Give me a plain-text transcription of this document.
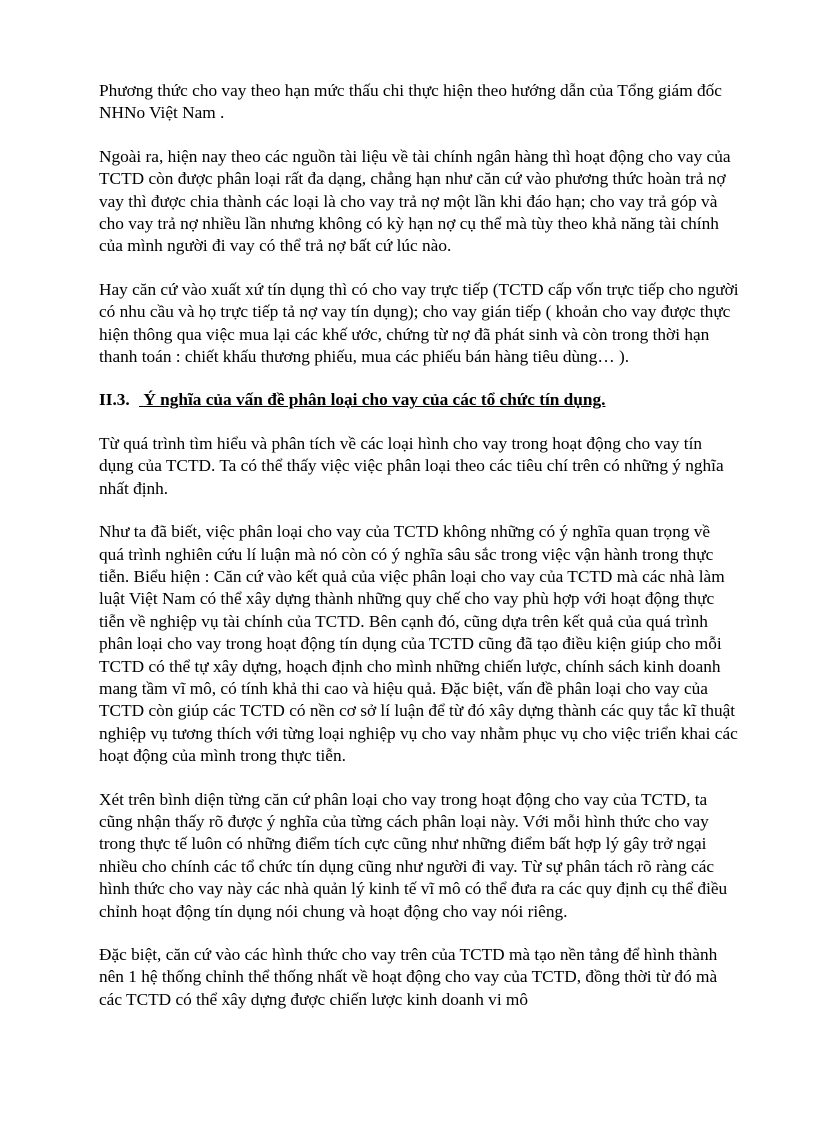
Phương thức cho vay theo hạn mức thấu chi thực hiện theo hướng dẫn của Tổng giám đốc NHNo Việt Nam .

Ngoài ra, hiện nay theo các nguồn tài liệu về tài chính ngân hàng thì hoạt động cho vay của TCTD còn được phân loại rất đa dạng, chẳng hạn như căn cứ vào phương thức hoàn trả nợ vay thì được chia thành các loại là cho vay trả nợ một lần khi đáo hạn; cho vay trả góp và cho vay trả nợ nhiều lần nhưng không có kỳ hạn nợ cụ thể mà tùy theo khả năng tài chính của mình người đi vay có thể trả nợ bất cứ lúc nào.

Hay căn cứ vào xuất xứ tín dụng thì có cho vay trực tiếp (TCTD cấp vốn trực tiếp cho người có nhu cầu và họ trực tiếp tả nợ vay tín dụng); cho vay gián tiếp ( khoản cho vay được thực hiện thông qua việc mua lại các khế ước, chứng từ nợ đã phát sinh và còn trong thời hạn thanh toán : chiết khấu thương phiếu, mua các phiếu bán hàng tiêu dùng… ).

II.3. Ý nghĩa của vấn đề phân loại cho vay của các tổ chức tín dụng.

Từ quá trình tìm hiểu và phân tích về các loại hình cho vay trong hoạt động cho vay tín dụng của TCTD. Ta có thể thấy việc việc phân loại theo các tiêu chí trên có những ý nghĩa nhất định.

Như ta đã biết, việc phân loại cho vay của TCTD không những có ý nghĩa quan trọng về quá trình nghiên cứu lí luận mà nó còn có ý nghĩa sâu sắc trong việc vận hành trong thực tiễn. Biểu hiện : Căn cứ vào kết quả của việc phân loại cho vay của TCTD mà các nhà làm luật Việt Nam có thể xây dựng thành những quy chế cho vay phù hợp với hoạt động thực tiễn về nghiệp vụ tài chính của TCTD. Bên cạnh đó, cũng dựa trên kết quả của quá trình phân loại cho vay trong hoạt động tín dụng của TCTD cũng đã tạo điều kiện giúp cho mỗi TCTD có thể tự xây dựng, hoạch định cho mình những chiến lược, chính sách kinh doanh mang tầm vĩ mô, có tính khả thi cao và hiệu quả. Đặc biệt, vấn đề phân loại cho vay của TCTD còn giúp các TCTD có nền cơ sở lí luận để từ đó xây dựng thành các quy tắc kĩ thuật nghiệp vụ tương thích với từng loại nghiệp vụ cho vay nhằm phục vụ cho việc triển khai các hoạt động của mình trong thực tiễn.

Xét trên bình diện từng căn cứ phân loại cho vay trong hoạt động cho vay của TCTD, ta cũng nhận thấy rõ được ý nghĩa của từng cách phân loại này. Với mỗi hình thức cho vay trong thực tế luôn có những điểm tích cực cũng như những điểm bất hợp lý gây trở ngại nhiều cho chính các tổ chức tín dụng cũng như người đi vay. Từ sự phân tách rõ ràng các hình thức cho vay này các nhà quản lý kinh tế vĩ mô có thể đưa ra các quy định cụ thể điều chỉnh hoạt động tín dụng nói chung và hoạt động cho vay nói riêng.

Đặc biệt, căn cứ vào các hình thức cho vay trên của TCTD mà tạo nền tảng để hình thành nên 1 hệ thống chỉnh thể thống nhất về hoạt động cho vay của TCTD, đồng thời từ đó mà các TCTD có thể xây dựng được chiến lược kinh doanh vi mô
